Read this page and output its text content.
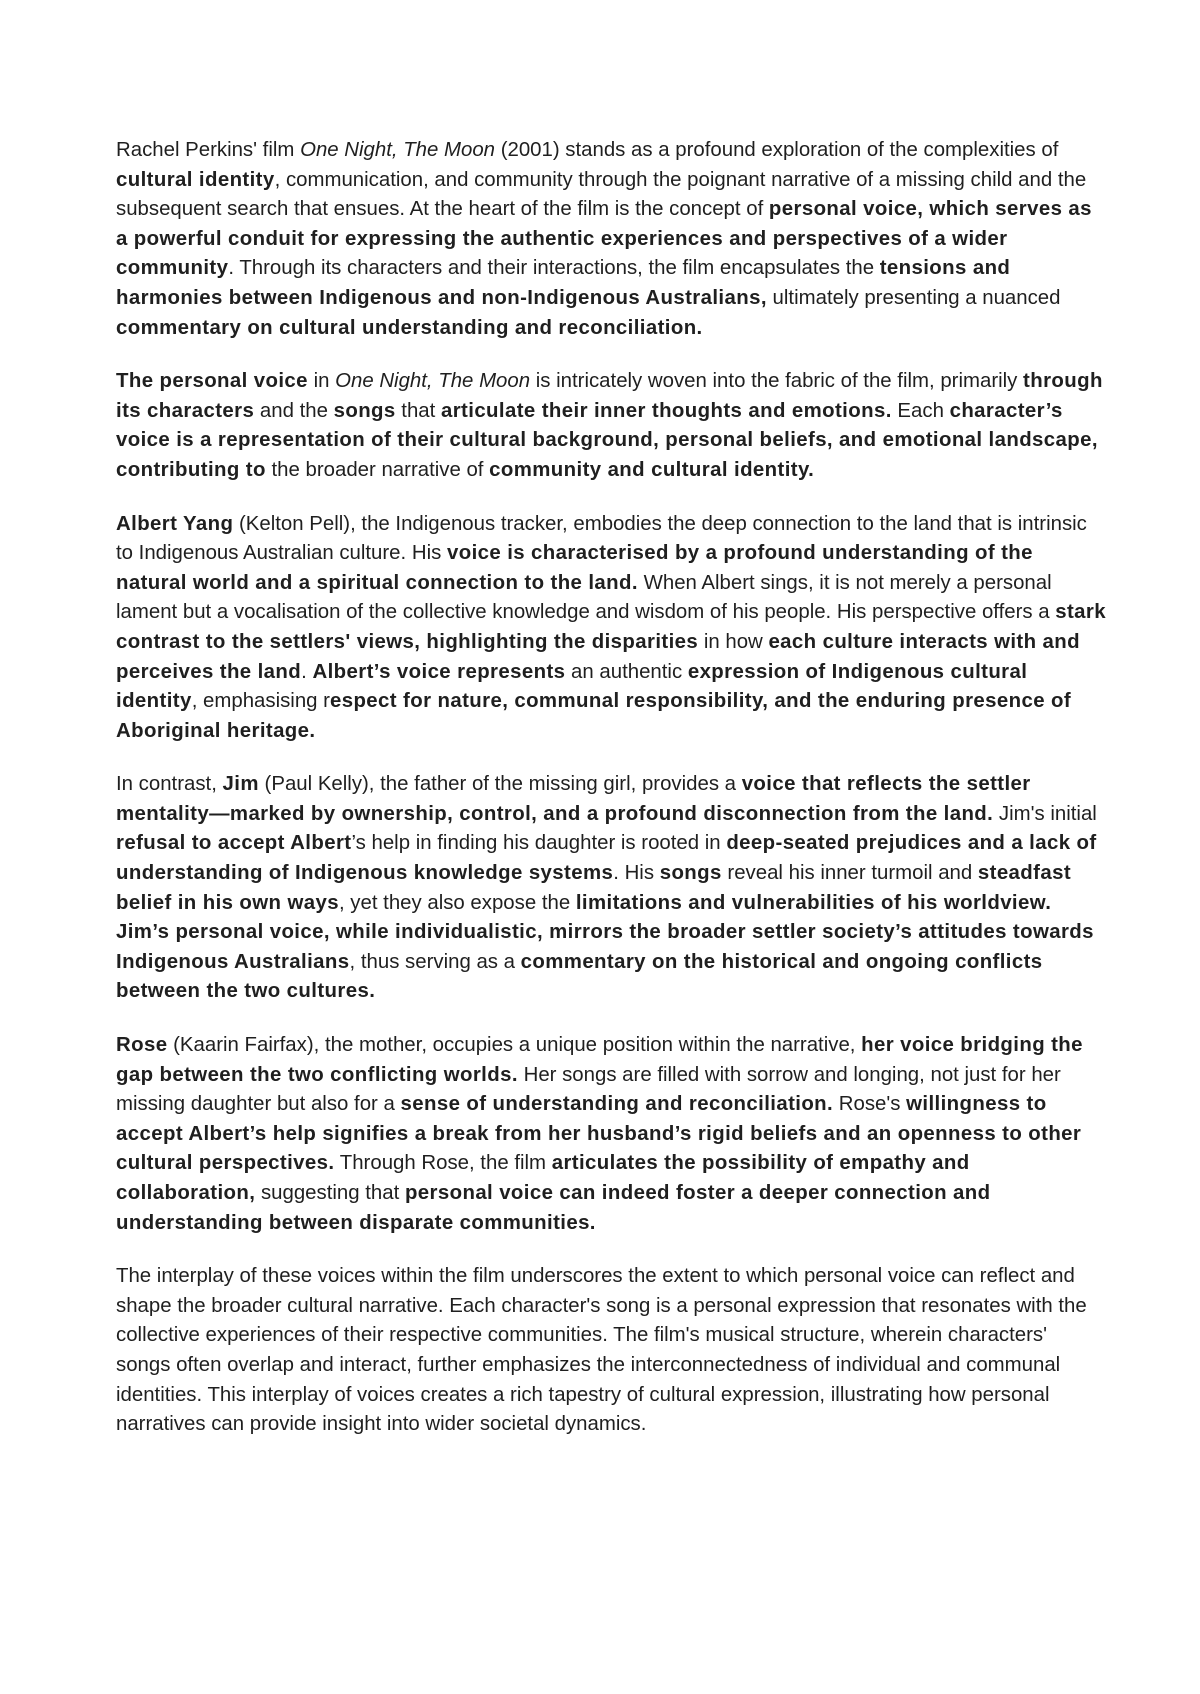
Rachel Perkins' film One Night, The Moon (2001) stands as a profound exploration of the complexities of cultural identity, communication, and community through the poignant narrative of a missing child and the subsequent search that ensues. At the heart of the film is the concept of personal voice, which serves as a powerful conduit for expressing the authentic experiences and perspectives of a wider community. Through its characters and their interactions, the film encapsulates the tensions and harmonies between Indigenous and non-Indigenous Australians, ultimately presenting a nuanced commentary on cultural understanding and reconciliation.

The personal voice in One Night, The Moon is intricately woven into the fabric of the film, primarily through its characters and the songs that articulate their inner thoughts and emotions. Each character’s voice is a representation of their cultural background, personal beliefs, and emotional landscape, contributing to the broader narrative of community and cultural identity.

Albert Yang (Kelton Pell), the Indigenous tracker, embodies the deep connection to the land that is intrinsic to Indigenous Australian culture. His voice is characterised by a profound understanding of the natural world and a spiritual connection to the land. When Albert sings, it is not merely a personal lament but a vocalisation of the collective knowledge and wisdom of his people. His perspective offers a stark contrast to the settlers' views, highlighting the disparities in how each culture interacts with and perceives the land. Albert’s voice represents an authentic expression of Indigenous cultural identity, emphasising respect for nature, communal responsibility, and the enduring presence of Aboriginal heritage.

In contrast, Jim (Paul Kelly), the father of the missing girl, provides a voice that reflects the settler mentality—marked by ownership, control, and a profound disconnection from the land. Jim's initial refusal to accept Albert’s help in finding his daughter is rooted in deep-seated prejudices and a lack of understanding of Indigenous knowledge systems. His songs reveal his inner turmoil and steadfast belief in his own ways, yet they also expose the limitations and vulnerabilities of his worldview. Jim’s personal voice, while individualistic, mirrors the broader settler society’s attitudes towards Indigenous Australians, thus serving as a commentary on the historical and ongoing conflicts between the two cultures.

Rose (Kaarin Fairfax), the mother, occupies a unique position within the narrative, her voice bridging the gap between the two conflicting worlds. Her songs are filled with sorrow and longing, not just for her missing daughter but also for a sense of understanding and reconciliation. Rose's willingness to accept Albert’s help signifies a break from her husband’s rigid beliefs and an openness to other cultural perspectives. Through Rose, the film articulates the possibility of empathy and collaboration, suggesting that personal voice can indeed foster a deeper connection and understanding between disparate communities.

The interplay of these voices within the film underscores the extent to which personal voice can reflect and shape the broader cultural narrative. Each character's song is a personal expression that resonates with the collective experiences of their respective communities. The film's musical structure, wherein characters' songs often overlap and interact, further emphasizes the interconnectedness of individual and communal identities. This interplay of voices creates a rich tapestry of cultural expression, illustrating how personal narratives can provide insight into wider societal dynamics.
